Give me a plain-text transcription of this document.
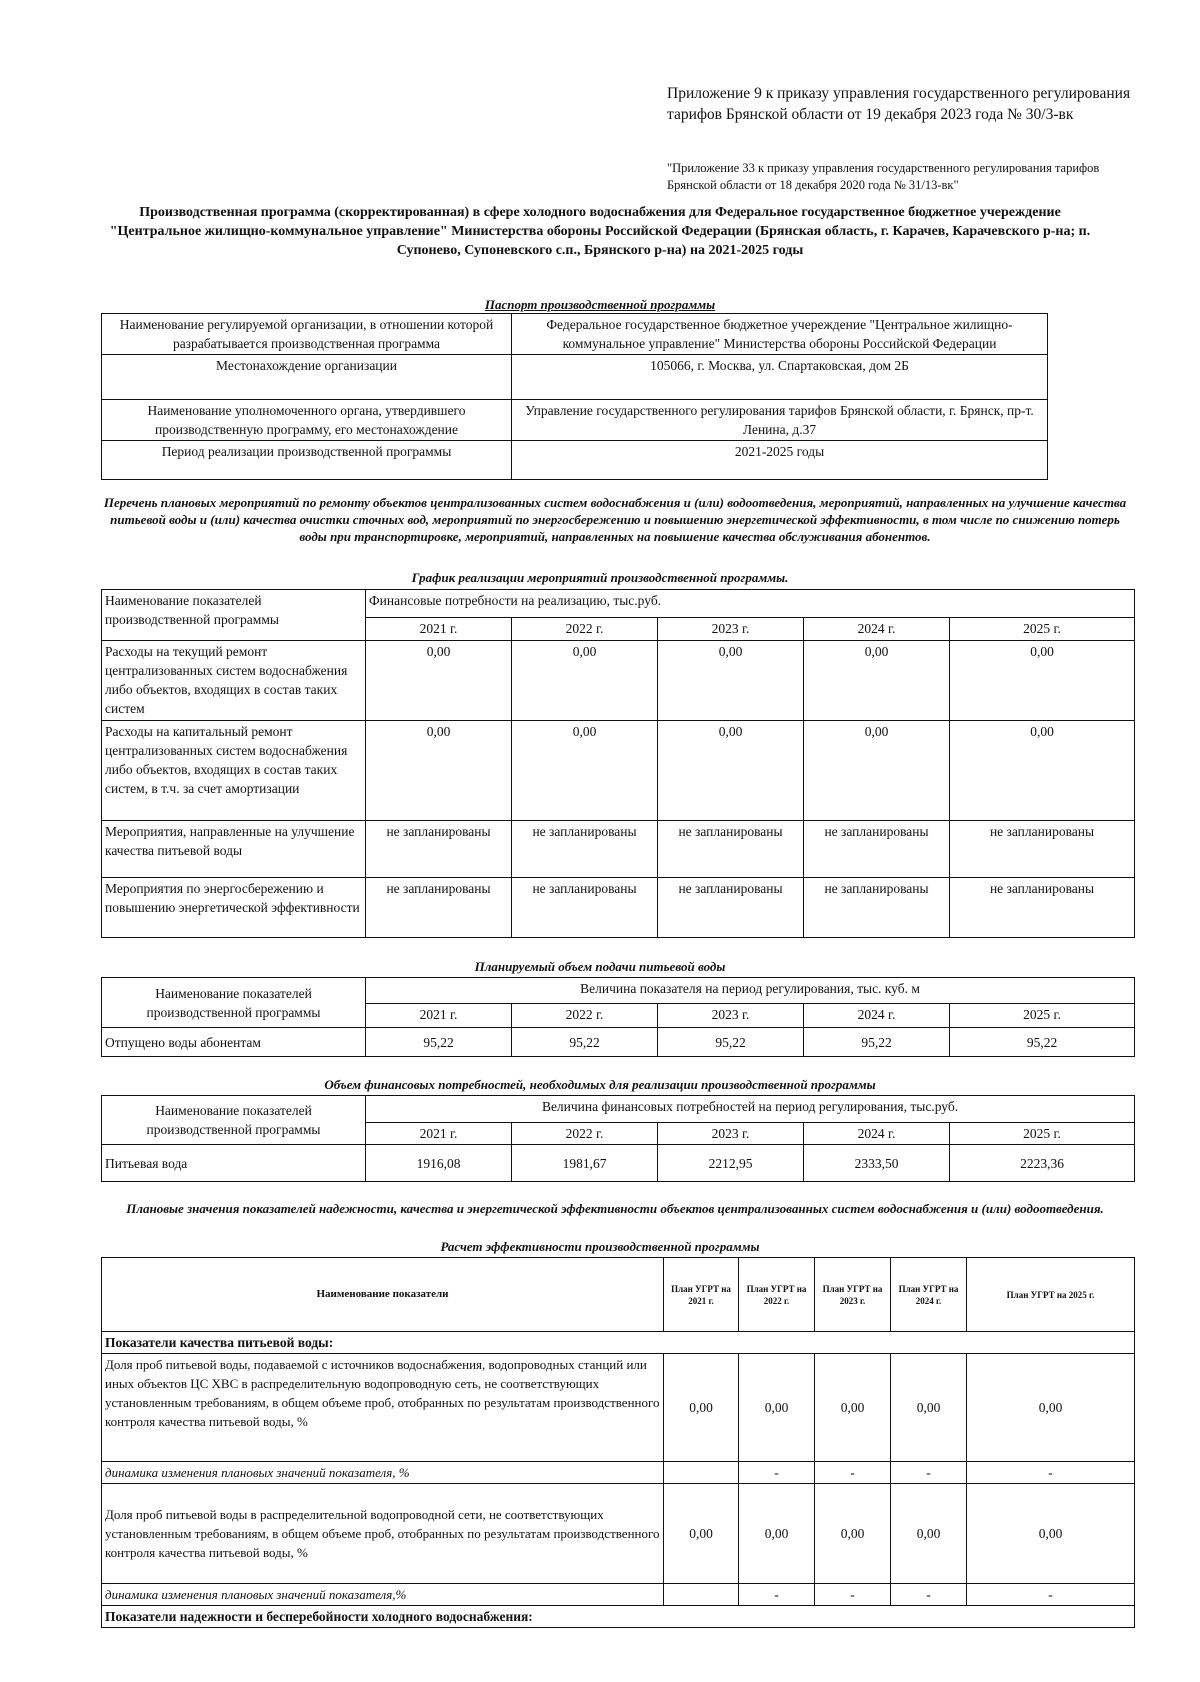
Приложение 9 к приказу управления государственного регулирования тарифов Брянской области от 19 декабря 2023 года № 30/3-вк
"Приложение 33 к приказу управления государственного регулирования тарифов Брянской области от 18 декабря 2020 года № 31/13-вк"
Производственная программа (скорректированная) в сфере холодного водоснабжения для Федеральное государственное бюджетное учереждение "Центральное жилищно-коммунальное управление" Министерства обороны Российской Федерации (Брянская область, г. Карачев, Карачевского р-на; п. Супонево, Супоневского с.п., Брянского р-на) на 2021-2025 годы
Паспорт производственной программы
Наименование регулируемой организации, в отношении которой разрабатывается производственная программа	Федеральное государственное бюджетное учереждение "Центральное жилищно-коммунальное управление" Министерства обороны Российской Федерации
Местонахождение организации	105066, г. Москва, ул. Спартаковская, дом 2Б
Наименование уполномоченного органа, утвердившего производственную программу, его местонахождение	Управление государственного регулирования тарифов Брянской области, г. Брянск, пр-т. Ленина, д.37
Период реализации производственной программы	2021-2025 годы
Перечень плановых мероприятий по ремонту объектов централизованных систем водоснабжения и (или) водоотведения, мероприятий, направленных на улучшение качества питьевой воды и (или) качества очистки сточных вод, мероприятий по энергосбережению и повышению энергетической эффективности, в том числе по снижению потерь воды при транспортировке, мероприятий, направленных на повышение качества обслуживания абонентов.
График реализации мероприятий производственной программы.
Наименование показателей производственной программы	Финансовые потребности на реализацию, тыс.руб.				
	2021 г.	2022 г.	2023 г.	2024 г.	2025 г.
Расходы на текущий ремонт централизованных систем водоснабжения либо объектов, входящих в состав таких систем	0,00	0,00	0,00	0,00	0,00
Расходы на капитальный ремонт централизованных систем водоснабжения либо объектов, входящих в состав таких систем, в т.ч. за счет амортизации	0,00	0,00	0,00	0,00	0,00
Мероприятия, направленные на улучшение качества питьевой воды	не запланированы	не запланированы	не запланированы	не запланированы	не запланированы
Мероприятия по энергосбережению и повышению энергетической эффективности	не запланированы	не запланированы	не запланированы	не запланированы	не запланированы
Планируемый объем подачи питьевой воды
Наименование показателей производственной программы	Величина показателя на период регулирования, тыс. куб. м				
	2021 г.	2022 г.	2023 г.	2024 г.	2025 г.
Отпущено воды абонентам	95,22	95,22	95,22	95,22	95,22
Объем финансовых потребностей, необходимых для реализации производственной программы
Наименование показателей производственной программы	Величина финансовых потребностей на период регулирования, тыс.руб.				
	2021 г.	2022 г.	2023 г.	2024 г.	2025 г.
Питьевая вода	1916,08	1981,67	2212,95	2333,50	2223,36
Плановые значения показателей надежности, качества и энергетической эффективности объектов централизованных систем водоснабжения и (или) водоотведения.
Расчет эффективности производственной программы
Наименование показатели	План УГРТ на 2021 г.	План УГРТ на 2022 г.	План УГРТ на 2023 г.	План УГРТ на 2024 г.	План УГРТ на 2025 г.
Показатели качества питьевой воды:					
Доля проб питьевой воды, подаваемой с источников водоснабжения, водопроводных станций или иных объектов ЦС ХВС в распределительную водопроводную сеть, не соответствующих установленным требованиям, в общем объеме проб, отобранных по результатам производственного контроля качества питьевой воды, %	0,00	0,00	0,00	0,00	0,00
динамика изменения плановых значений показателя, %		-	-	-	-
Доля проб питьевой воды в распределительной водопроводной сети, не соответствующих установленным требованиям, в общем объеме проб, отобранных по результатам производственного контроля качества питьевой воды, %	0,00	0,00	0,00	0,00	0,00
динамика изменения плановых значений показателя,%		-	-	-	-
Показатели надежности и бесперебойности холодного водоснабжения:					
